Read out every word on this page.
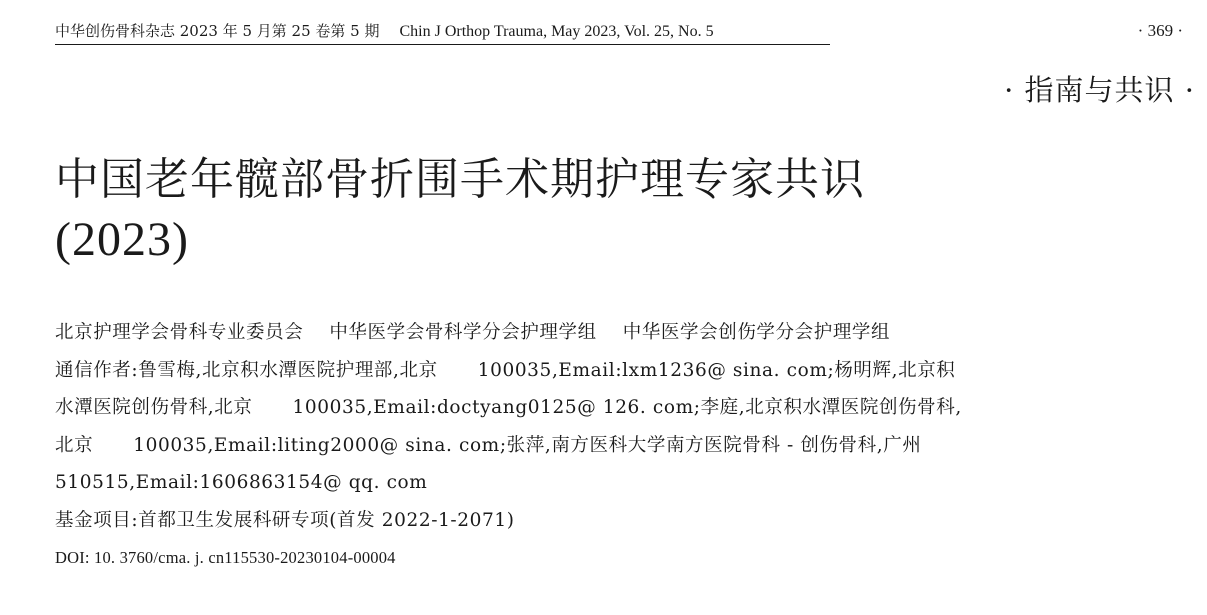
中华创伤骨科杂志 2023 年 5 月第 25 卷第 5 期 Chin J Orthop Trauma, May 2023, Vol. 25, No. 5	· 369 ·
· 指南与共识 ·
中国老年髋部骨折围手术期护理专家共识
(2023)

北京护理学会骨科专业委员会 中华医学会骨科学分会护理学组 中华医学会创伤学分会护理学组

通信作者:鲁雪梅,北京积水潭医院护理部,北京 100035,Email:lxm1236@ sina. com;杨明辉,北京积水潭医院创伤骨科,北京 100035,Email:doctyang0125@ 126. com;李庭,北京积水潭医院创伤骨科,北京 100035,Email:liting2000@ sina. com;张萍,南方医科大学南方医院骨科 - 创伤骨科,广州510515,Email:1606863154@ qq. com

基金项目:首都卫生发展科研专项(首发 2022-1-2071)

DOI: 10. 3760/cma. j. cn115530-20230104-00004
